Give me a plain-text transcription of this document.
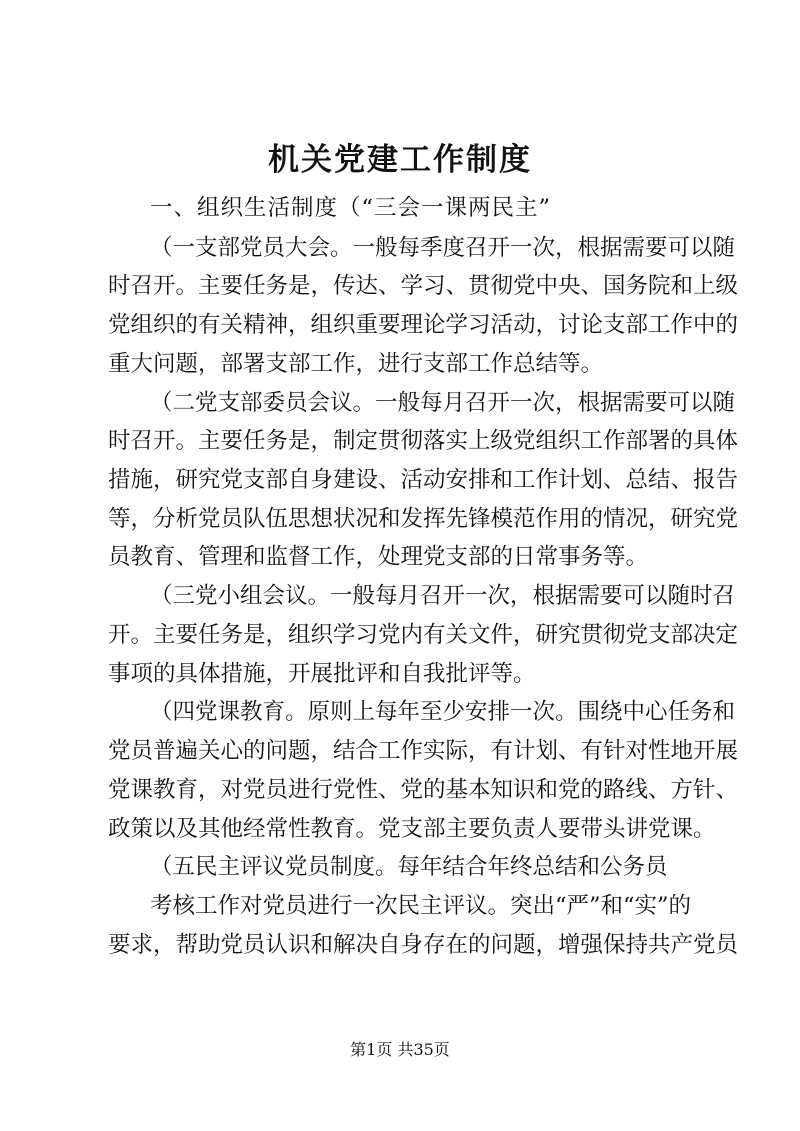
机关党建工作制度

一、组织生活制度（“三会一课两民主”

（一支部党员大会。一般每季度召开一次，根据需要可以随

时召开。主要任务是，传达、学习、贯彻党中央、国务院和上级

党组织的有关精神，组织重要理论学习活动，讨论支部工作中的

重大问题，部署支部工作，进行支部工作总结等。

（二党支部委员会议。一般每月召开一次，根据需要可以随

时召开。主要任务是，制定贯彻落实上级党组织工作部署的具体

措施，研究党支部自身建设、活动安排和工作计划、总结、报告

等，分析党员队伍思想状况和发挥先锋模范作用的情况，研究党

员教育、管理和监督工作，处理党支部的日常事务等。

（三党小组会议。一般每月召开一次，根据需要可以随时召

开。主要任务是，组织学习党内有关文件，研究贯彻党支部决定

事项的具体措施，开展批评和自我批评等。

（四党课教育。原则上每年至少安排一次。围绕中心任务和

党员普遍关心的问题，结合工作实际，有计划、有针对性地开展

党课教育，对党员进行党性、党的基本知识和党的路线、方针、

政策以及其他经常性教育。党支部主要负责人要带头讲党课。

（五民主评议党员制度。每年结合年终总结和公务员

考核工作对党员进行一次民主评议。突出“严”和“实”的

要求，帮助党员认识和解决自身存在的问题，增强保持共产党员

第1页 共35页
